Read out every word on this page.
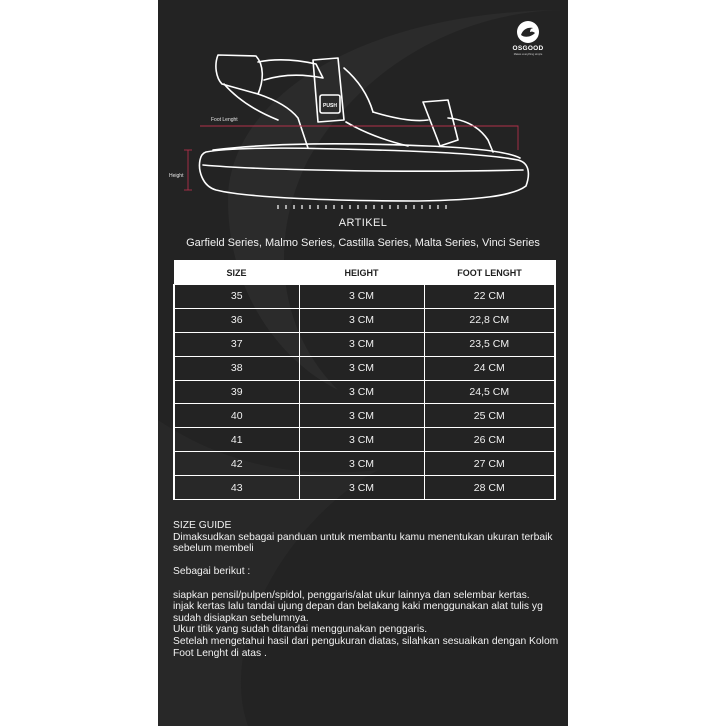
OSGOOD
Makes everything simple
PUSH
Foot Lenght
Height
ARTIKEL
Garfield Series, Malmo Series, Castilla Series, Malta Series, Vinci Series
SIZE	HEIGHT	FOOT LENGHT
35	3 CM	22 CM
36	3 CM	22,8 CM
37	3 CM	23,5 CM
38	3 CM	24 CM
39	3 CM	24,5 CM
40	3 CM	25 CM
41	3 CM	26 CM
42	3 CM	27 CM
43	3 CM	28 CM

SIZE GUIDE

Dimaksudkan sebagai panduan untuk membantu kamu menentukan ukuran terbaik sebelum membeli

Sebagai berikut :

siapkan pensil/pulpen/spidol, penggaris/alat ukur lainnya dan selembar kertas.

injak kertas lalu tandai ujung depan dan belakang kaki menggunakan alat tulis yg sudah disiapkan sebelumnya.

Ukur titik yang sudah ditandai menggunakan penggaris.

Setelah mengetahui hasil dari pengukuran diatas, silahkan sesuaikan dengan Kolom Foot Lenght di atas .
